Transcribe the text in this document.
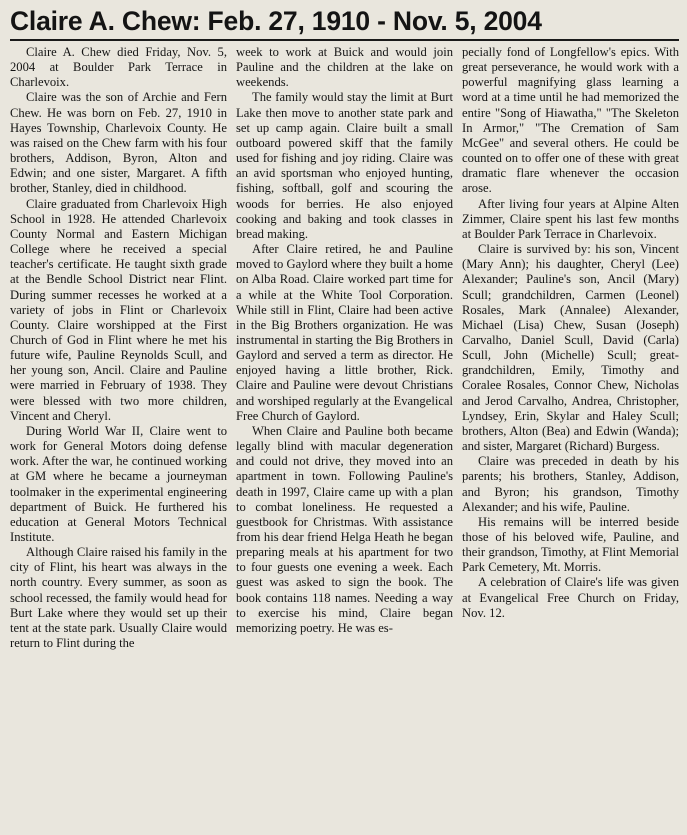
Claire A. Chew: Feb. 27, 1910 - Nov. 5, 2004

Claire A. Chew died Friday, Nov. 5, 2004 at Boulder Park Terrace in Charlevoix.

Claire was the son of Archie and Fern Chew. He was born on Feb. 27, 1910 in Hayes Township, Charlevoix County. He was raised on the Chew farm with his four brothers, Addison, Byron, Alton and Edwin; and one sister, Margaret. A fifth brother, Stanley, died in childhood.

Claire graduated from Charlevoix High School in 1928. He attended Charlevoix County Normal and Eastern Michigan College where he received a special teacher's certificate. He taught sixth grade at the Bendle School District near Flint. During summer recesses he worked at a variety of jobs in Flint or Charlevoix County. Claire worshipped at the First Church of God in Flint where he met his future wife, Pauline Reynolds Scull, and her young son, Ancil. Claire and Pauline were married in February of 1938. They were blessed with two more children, Vincent and Cheryl.

During World War II, Claire went to work for General Motors doing defense work. After the war, he continued working at GM where he became a journeyman toolmaker in the experimental engineering department of Buick. He furthered his education at General Motors Technical Institute.

Although Claire raised his family in the city of Flint, his heart was always in the north country. Every summer, as soon as school recessed, the family would head for Burt Lake where they would set up their tent at the state park. Usually Claire would return to Flint during the

week to work at Buick and would join Pauline and the children at the lake on weekends.

The family would stay the limit at Burt Lake then move to another state park and set up camp again. Claire built a small outboard powered skiff that the family used for fishing and joy riding. Claire was an avid sportsman who enjoyed hunting, fishing, softball, golf and scouring the woods for berries. He also enjoyed cooking and baking and took classes in bread making.

After Claire retired, he and Pauline moved to Gaylord where they built a home on Alba Road. Claire worked part time for a while at the White Tool Corporation. While still in Flint, Claire had been active in the Big Brothers organization. He was instrumental in starting the Big Brothers in Gaylord and served a term as director. He enjoyed having a little brother, Rick. Claire and Pauline were devout Christians and worshiped regularly at the Evangelical Free Church of Gaylord.

When Claire and Pauline both became legally blind with macular degeneration and could not drive, they moved into an apartment in town. Following Pauline's death in 1997, Claire came up with a plan to combat loneliness. He requested a guestbook for Christmas. With assistance from his dear friend Helga Heath he began preparing meals at his apartment for two to four guests one evening a week. Each guest was asked to sign the book. The book contains 118 names. Needing a way to exercise his mind, Claire began memorizing poetry. He was es-

pecially fond of Longfellow's epics. With great perseverance, he would work with a powerful magnifying glass learning a word at a time until he had memorized the entire "Song of Hiawatha," "The Skeleton In Armor," "The Cremation of Sam McGee" and several others. He could be counted on to offer one of these with great dramatic flare whenever the occasion arose.

After living four years at Alpine Alten Zimmer, Claire spent his last few months at Boulder Park Terrace in Charlevoix.

Claire is survived by: his son, Vincent (Mary Ann); his daughter, Cheryl (Lee) Alexander; Pauline's son, Ancil (Mary) Scull; grandchildren, Carmen (Leonel) Rosales, Mark (Annalee) Alexander, Michael (Lisa) Chew, Susan (Joseph) Carvalho, Daniel Scull, David (Carla) Scull, John (Michelle) Scull; great-grandchildren, Emily, Timothy and Coralee Rosales, Connor Chew, Nicholas and Jerod Carvalho, Andrea, Christopher, Lyndsey, Erin, Skylar and Haley Scull; brothers, Alton (Bea) and Edwin (Wanda); and sister, Margaret (Richard) Burgess.

Claire was preceded in death by his parents; his brothers, Stanley, Addison, and Byron; his grandson, Timothy Alexander; and his wife, Pauline.

His remains will be interred beside those of his beloved wife, Pauline, and their grandson, Timothy, at Flint Memorial Park Cemetery, Mt. Morris.

A celebration of Claire's life was given at Evangelical Free Church on Friday, Nov. 12.
